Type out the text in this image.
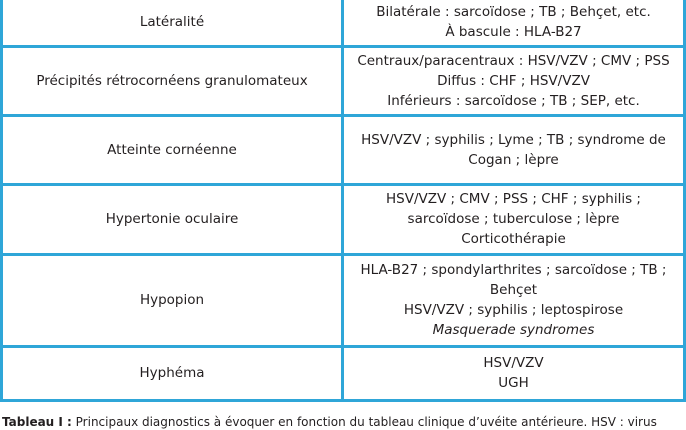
Latéralité	Bilatérale : sarcoïdose ; TB ; Behçet, etc.
À bascule : HLA-B27

Précipités rétrocornéens granulomateux	Centraux/paracentraux : HSV/VZV ; CMV ; PSS
Diffus : CHF ; HSV/VZV
Inférieurs : sarcoïdose ; TB ; SEP, etc.

Atteinte cornéenne	HSV/VZV ; syphilis ; Lyme ; TB ; syndrome de
Cogan ; lèpre

Hypertonie oculaire	HSV/VZV ; CMV ; PSS ; CHF ; syphilis ;
sarcoïdose ; tuberculose ; lèpre
Corticothérapie

Hypopion	HLA-B27 ; spondylarthrites ; sarcoïdose ; TB ;
Behçet
HSV/VZV ; syphilis ; leptospirose
Masquerade syndromes

Hyphéma	HSV/VZV
UGH
Tableau I : Principaux diagnostics à évoquer en fonction du tableau clinique d’uvéite antérieure. HSV : virus
